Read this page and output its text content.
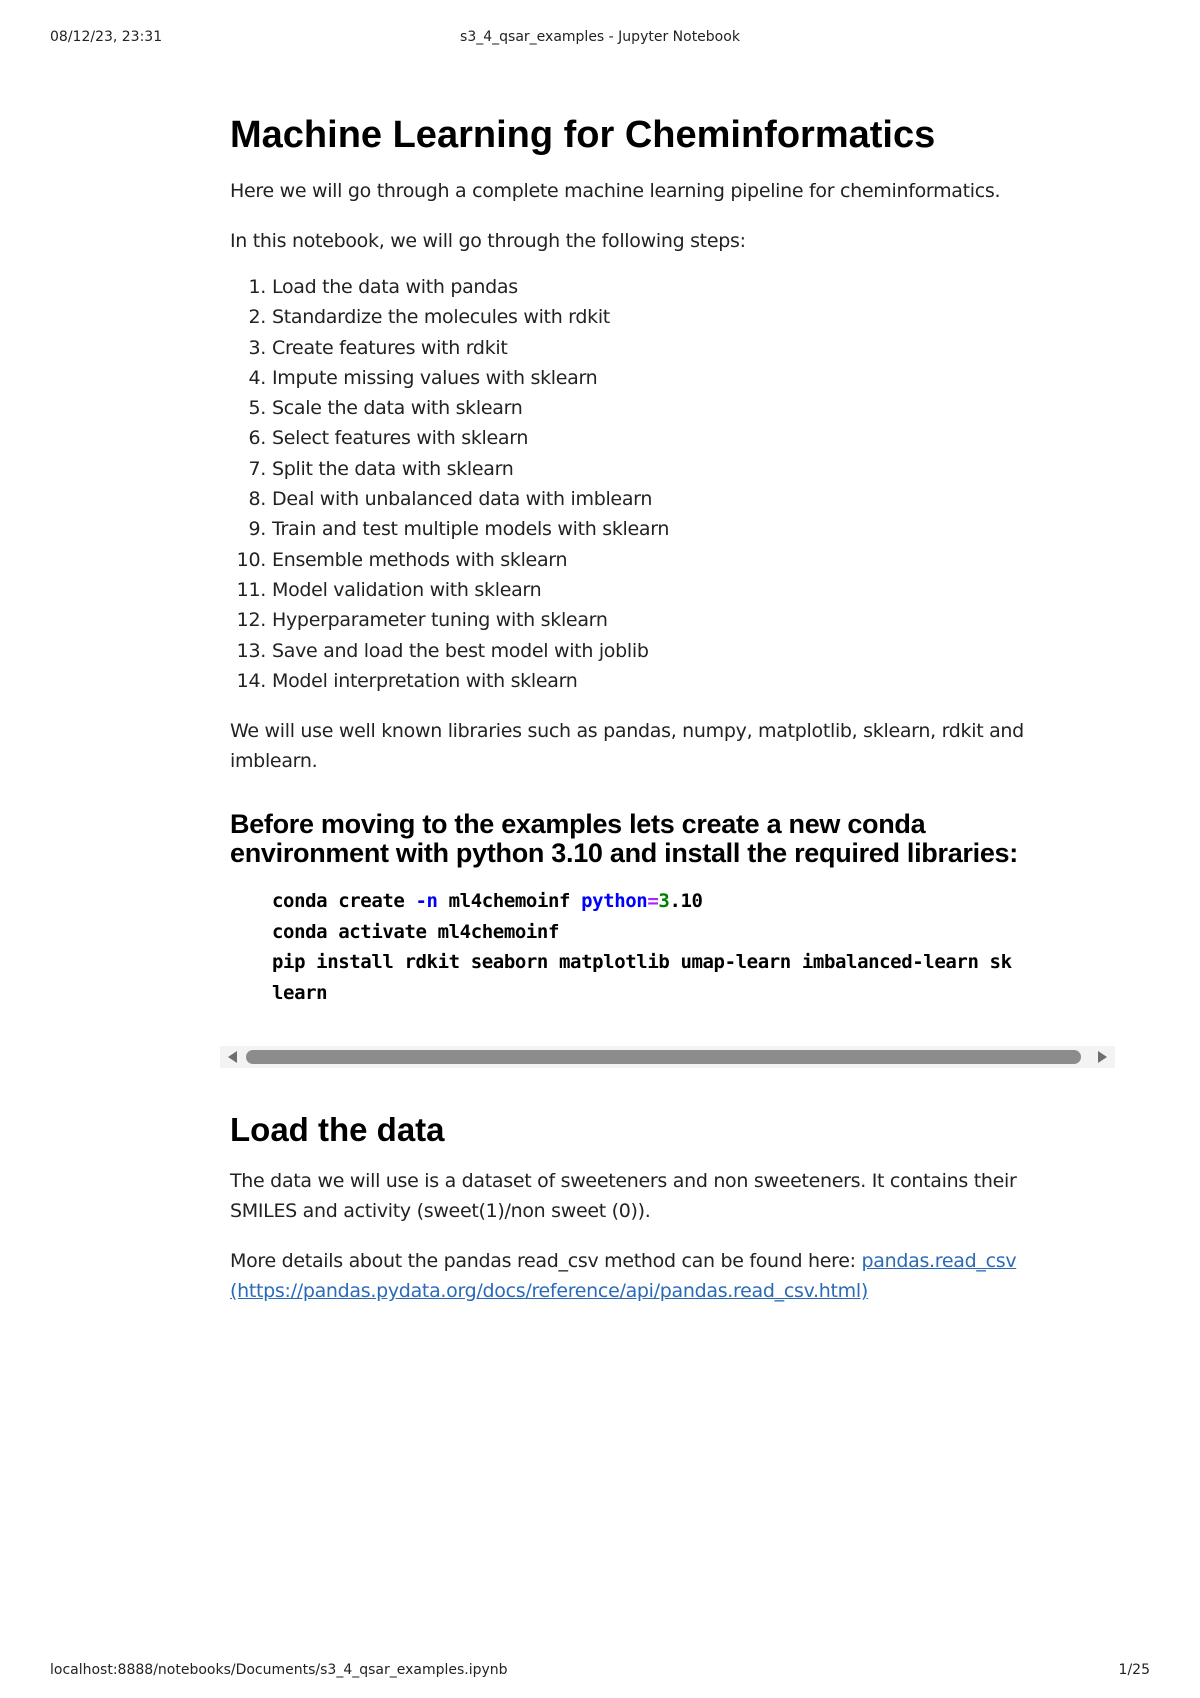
08/12/23, 23:31	s3_4_qsar_examples - Jupyter Notebook
Machine Learning for Cheminformatics

Here we will go through a complete machine learning pipeline for cheminformatics.

In this notebook, we will go through the following steps:

1. Load the data with pandas
2. Standardize the molecules with rdkit
3. Create features with rdkit
4. Impute missing values with sklearn
5. Scale the data with sklearn
6. Select features with sklearn
7. Split the data with sklearn
8. Deal with unbalanced data with imblearn
9. Train and test multiple models with sklearn
10. Ensemble methods with sklearn
11. Model validation with sklearn
12. Hyperparameter tuning with sklearn
13. Save and load the best model with joblib
14. Model interpretation with sklearn

We will use well known libraries such as pandas, numpy, matplotlib, sklearn, rdkit and
imblearn.

Before moving to the examples lets create a new conda
environment with python 3.10 and install the required libraries:
conda create -n ml4chemoinf python=3.10
conda activate ml4chemoinf
pip install rdkit seaborn matplotlib umap-learn imbalanced-learn sk
learn
Load the data

The data we will use is a dataset of sweeteners and non sweeteners. It contains their
SMILES and activity (sweet(1)/non sweet (0)).

More details about the pandas read_csv method can be found here: pandas.read_csv
(https://pandas.pydata.org/docs/reference/api/pandas.read_csv.html)

localhost:8888/notebooks/Documents/s3_4_qsar_examples.ipynb	1/25
